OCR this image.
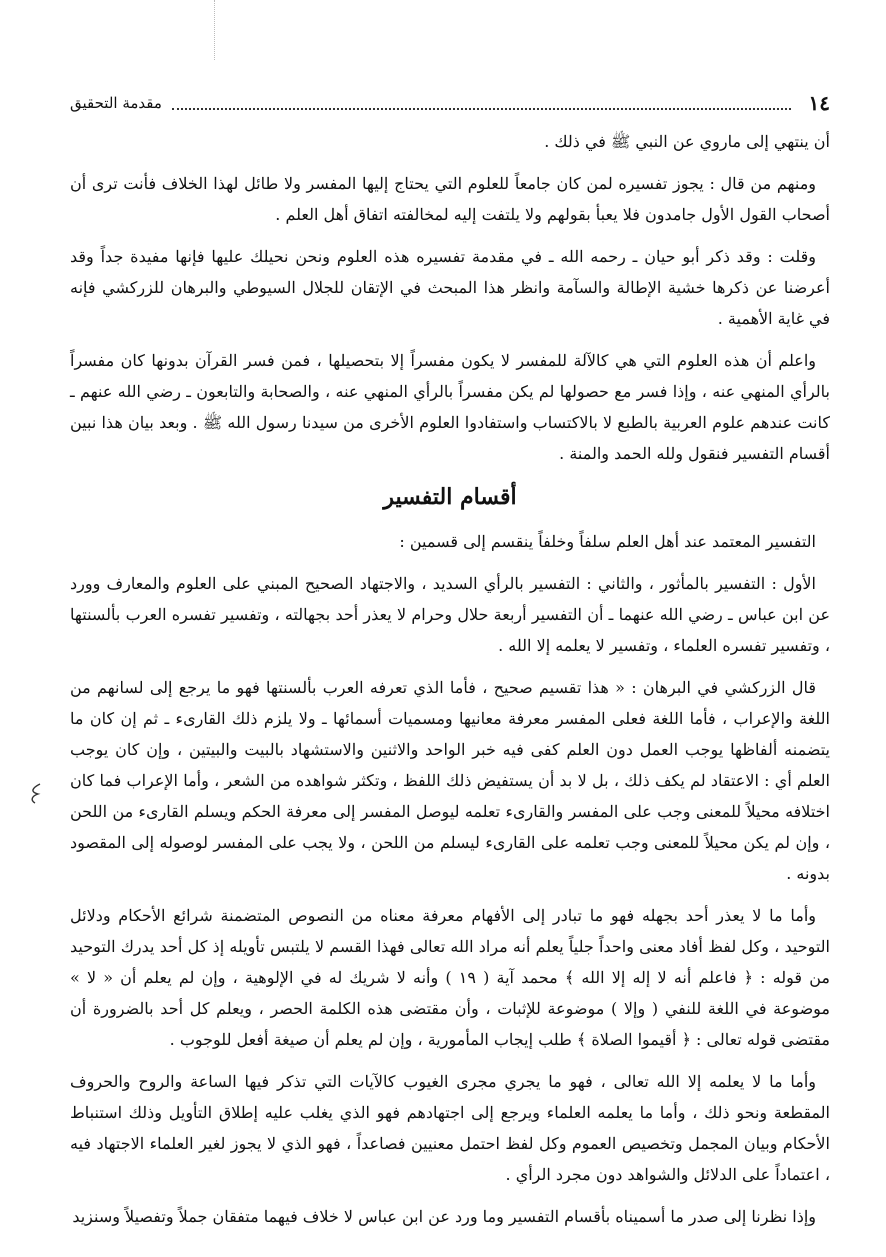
١٤
مقدمة التحقيق

أن ينتهي إلى ماروي عن النبي ﷺ في ذلك .

ومنهم من قال : يجوز تفسيره لمن كان جامعاً للعلوم التي يحتاج إليها المفسر ولا طائل لهذا الخلاف فأنت ترى أن أصحاب القول الأول جامدون فلا يعبأ بقولهم ولا يلتفت إليه لمخالفته اتفاق أهل العلم .

وقلت : وقد ذكر أبو حيان ـ رحمه الله ـ في مقدمة تفسيره هذه العلوم ونحن نحيلك عليها فإنها مفيدة جداً وقد أعرضنا عن ذكرها خشية الإطالة والسآمة وانظر هذا المبحث في الإتقان للجلال السيوطي والبرهان للزركشي فإنه في غاية الأهمية .

واعلم أن هذه العلوم التي هي كالآلة للمفسر لا يكون مفسراً إلا بتحصيلها ، فمن فسر القرآن بدونها كان مفسراً بالرأي المنهي عنه ، وإذا فسر مع حصولها لم يكن مفسراً بالرأي المنهي عنه ، والصحابة والتابعون ـ رضي الله عنهم ـ كانت عندهم علوم العربية بالطبع لا بالاكتساب واستفادوا العلوم الأخرى من سيدنا رسول الله ﷺ . وبعد بيان هذا نبين أقسام التفسير فنقول ولله الحمد والمنة .

أقسام التفسير

التفسير المعتمد عند أهل العلم سلفاً وخلفاً ينقسم إلى قسمين :

الأول : التفسير بالمأثور ، والثاني : التفسير بالرأي السديد ، والاجتهاد الصحيح المبني على العلوم والمعارف وورد عن ابن عباس ـ رضي الله عنهما ـ أن التفسير أربعة حلال وحرام لا يعذر أحد بجهالته ، وتفسير تفسره العرب بألسنتها ، وتفسير تفسره العلماء ، وتفسير لا يعلمه إلا الله .

قال الزركشي في البرهان : « هذا تقسيم صحيح ، فأما الذي تعرفه العرب بألسنتها فهو ما يرجع إلى لسانهم من اللغة والإعراب ، فأما اللغة فعلى المفسر معرفة معانيها ومسميات أسمائها ـ ولا يلزم ذلك القارىء ـ ثم إن كان ما يتضمنه ألفاظها يوجب العمل دون العلم كفى فيه خبر الواحد والاثنين والاستشهاد بالبيت والبيتين ، وإن كان يوجب العلم أي : الاعتقاد لم يكف ذلك ، بل لا بد أن يستفيض ذلك اللفظ ، وتكثر شواهده من الشعر ، وأما الإعراب فما كان اختلافه محيلاً للمعنى وجب على المفسر والقارىء تعلمه ليوصل المفسر إلى معرفة الحكم ويسلم القارىء من اللحن ، وإن لم يكن محيلاً للمعنى وجب تعلمه على القارىء ليسلم من اللحن ، ولا يجب على المفسر لوصوله إلى المقصود بدونه .

وأما ما لا يعذر أحد بجهله فهو ما تبادر إلى الأفهام معرفة معناه من النصوص المتضمنة شرائع الأحكام ودلائل التوحيد ، وكل لفظ أفاد معنى واحداً جلياً يعلم أنه مراد الله تعالى فهذا القسم لا يلتبس تأويله إذ كل أحد يدرك التوحيد من قوله : ﴿ فاعلم أنه لا إله إلا الله ﴾ محمد آية ( ١٩ ) وأنه لا شريك له في الإلوهية ، وإن لم يعلم أن « لا » موضوعة في اللغة للنفي ( وإلا ) موضوعة للإثبات ، وأن مقتضى هذه الكلمة الحصر ، ويعلم كل أحد بالضرورة أن مقتضى قوله تعالى : ﴿ أقيموا الصلاة ﴾ طلب إيجاب المأمورية ، وإن لم يعلم أن صيغة أفعل للوجوب .

وأما ما لا يعلمه إلا الله تعالى ، فهو ما يجري مجرى الغيوب كالآيات التي تذكر فيها الساعة والروح والحروف المقطعة ونحو ذلك ، وأما ما يعلمه العلماء ويرجع إلى اجتهادهم فهو الذي يغلب عليه إطلاق التأويل وذلك استنباط الأحكام وبيان المجمل وتخصيص العموم وكل لفظ احتمل معنيين فصاعداً ، فهو الذي لا يجوز لغير العلماء الاجتهاد فيه ، اعتماداً على الدلائل والشواهد دون مجرد الرأي .

وإذا نظرنا إلى صدر ما أسميناه بأقسام التفسير وما ورد عن ابن عباس لا خلاف فيهما متفقان جملاً وتفصيلاً وسنزيد
